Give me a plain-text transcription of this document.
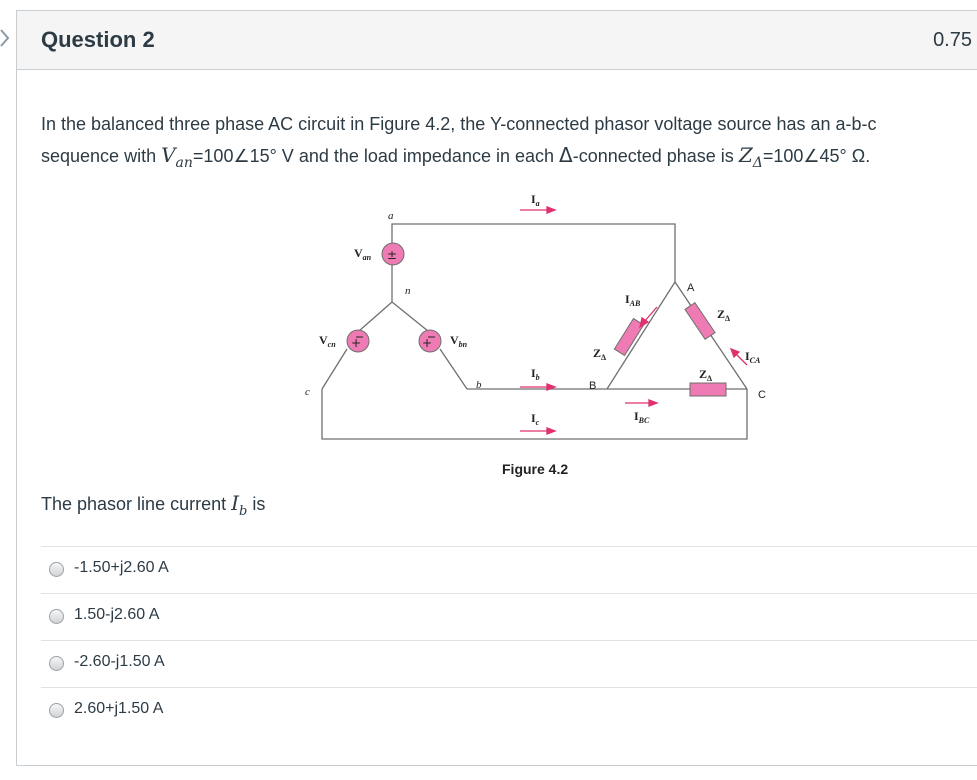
Question 2	0.75
In the balanced three phase AC circuit in Figure 4.2, the Y-connected phasor voltage source has an a-b-c
sequence with $V_{an}=100\angle 15^\circ$ V and the load impedance in each Δ-connected phase is $Z_\Delta=100\angle 45^\circ$ Ω.
±
+	+
a
n
b
c
A
B
C
$V_{an}$
$V_{cn}$	$V_{bn}$
$I_a$
$I_b$
$I_c$
$I_{AB}$
$I_{BC}$
$I_{CA}$
$Z_\Delta$
$Z_\Delta$
$Z_\Delta$
Figure 4.2
The phasor line current $I_b$ is
-1.50+j2.60 A
1.50-j2.60 A
-2.60-j1.50 A
2.60+j1.50 A
